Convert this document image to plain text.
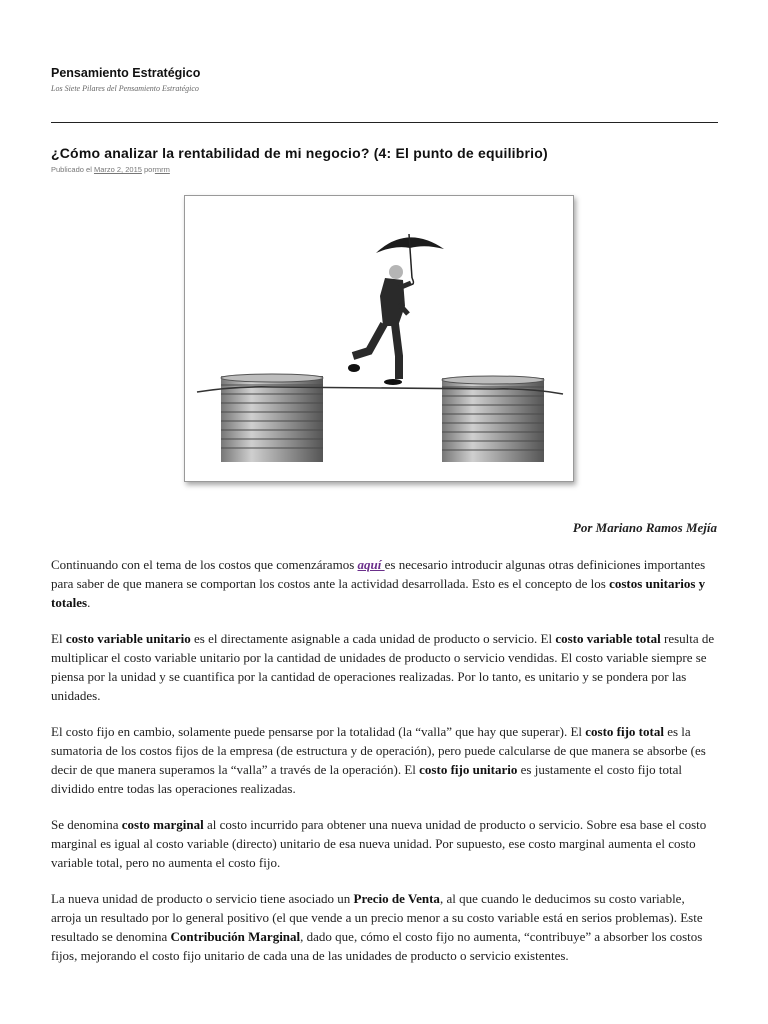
Pensamiento Estratégico
Los Siete Pilares del Pensamiento Estratégico
¿Cómo analizar la rentabilidad de mi negocio? (4: El punto de equilibrio)
Publicado el Marzo 2, 2015 pormrm
Por Mariano Ramos Mejía

Continuando con el tema de los costos que comenzáramos aquí es necesario introducir algunas otras definiciones importantes para saber de que manera se comportan los costos ante la actividad desarrollada. Esto es el concepto de los costos unitarios y totales.

El costo variable unitario es el directamente asignable a cada unidad de producto o servicio. El costo variable total resulta de multiplicar el costo variable unitario por la cantidad de unidades de producto o servicio vendidas. El costo variable siempre se piensa por la unidad y se cuantifica por la cantidad de operaciones realizadas. Por lo tanto, es unitario y se pondera por las unidades.

El costo fijo en cambio, solamente puede pensarse por la totalidad (la “valla” que hay que superar). El costo fijo total es la sumatoria de los costos fijos de la empresa (de estructura y de operación), pero puede calcularse de que manera se absorbe (es decir de que manera superamos la “valla” a través de la operación). El costo fijo unitario es justamente el costo fijo total dividido entre todas las operaciones realizadas.

Se denomina costo marginal al costo incurrido para obtener una nueva unidad de producto o servicio. Sobre esa base el costo marginal es igual al costo variable (directo) unitario de esa nueva unidad. Por supuesto, ese costo marginal aumenta el costo variable total, pero no aumenta el costo fijo.

La nueva unidad de producto o servicio tiene asociado un Precio de Venta, al que cuando le deducimos su costo variable, arroja un resultado por lo general positivo (el que vende a un precio menor a su costo variable está en serios problemas). Este resultado se denomina Contribución Marginal, dado que, cómo el costo fijo no aumenta, “contribuye” a absorber los costos fijos, mejorando el costo fijo unitario de cada una de las unidades de producto o servicio existentes.
